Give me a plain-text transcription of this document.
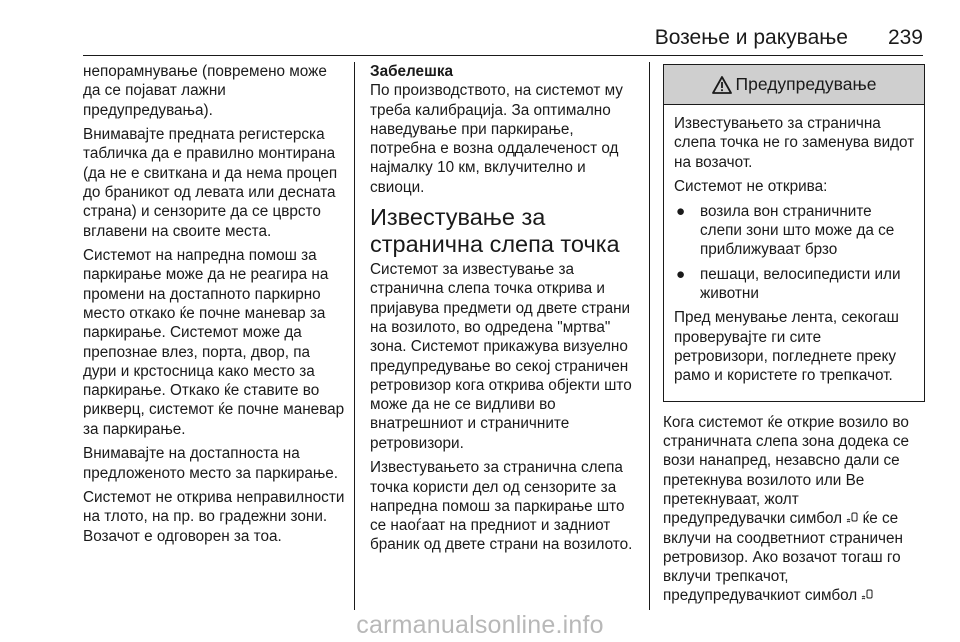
Возење и ракување 239

непорамнување (повремено може да се појават лажни предупредувања).

Внимавајте предната регистерска табличка да е правилно монтирана (да не е свиткана и да нема процеп до браникот од левата или десната страна) и сензорите да се цврсто вглавени на своите места.

Системот на напредна помош за паркирање може да не реагира на промени на достапното паркирно место откако ќе почне маневар за паркирање. Системот може да препознае влез, порта, двор, па дури и крстосница како место за паркирање. Откако ќе ставите во рикверц, системот ќе почне маневар за паркирање.

Внимавајте на достапноста на предложеното место за паркирање.

Системот не открива неправилности на тлото, на пр. во градежни зони. Возачот е одговорен за тоа.

Забелешка

По производството, на системот му треба калибрација. За оптимално наведување при паркирање, потребна е возна оддалеченост од најмалку 10 км, вклучително и свиоци.

Известување за странична слепа точка

Системот за известување за странична слепа точка открива и пријавува предмети од двете страни на возилото, во одредена "мртва" зона. Системот прикажува визуелно предупредување во секој страничен ретровизор кога открива објекти што може да не се видливи во внатрешниот и страничните ретровизори.

Известувањето за странична слепа точка користи дел од сензорите за напредна помош за паркирање што се наоѓаат на предниот и задниот браник од двете страни на возилото.

Предупредување

Известувањето за странична слепа точка не го заменува видот на возачот.

Системот не открива:

● возила вон страничните слепи зони што може да се приближуваат брзо
● пешаци, велосипедисти или животни

Пред менување лента, секогаш проверувајте ги сите ретровизори, погледнете преку рамо и користете го трепкачот.

Кога системот ќе открие возило во страничната слепа зона додека се вози нанапред, незавсно дали се претекнува возилото или Ве претекнуваат, жолт предупредувачки симбол ќе се вклучи на соодветниот страничен ретровизор. Ако возачот тогаш го вклучи трепкачот, предупредувачкиот симбол

carmanualsonline.info
